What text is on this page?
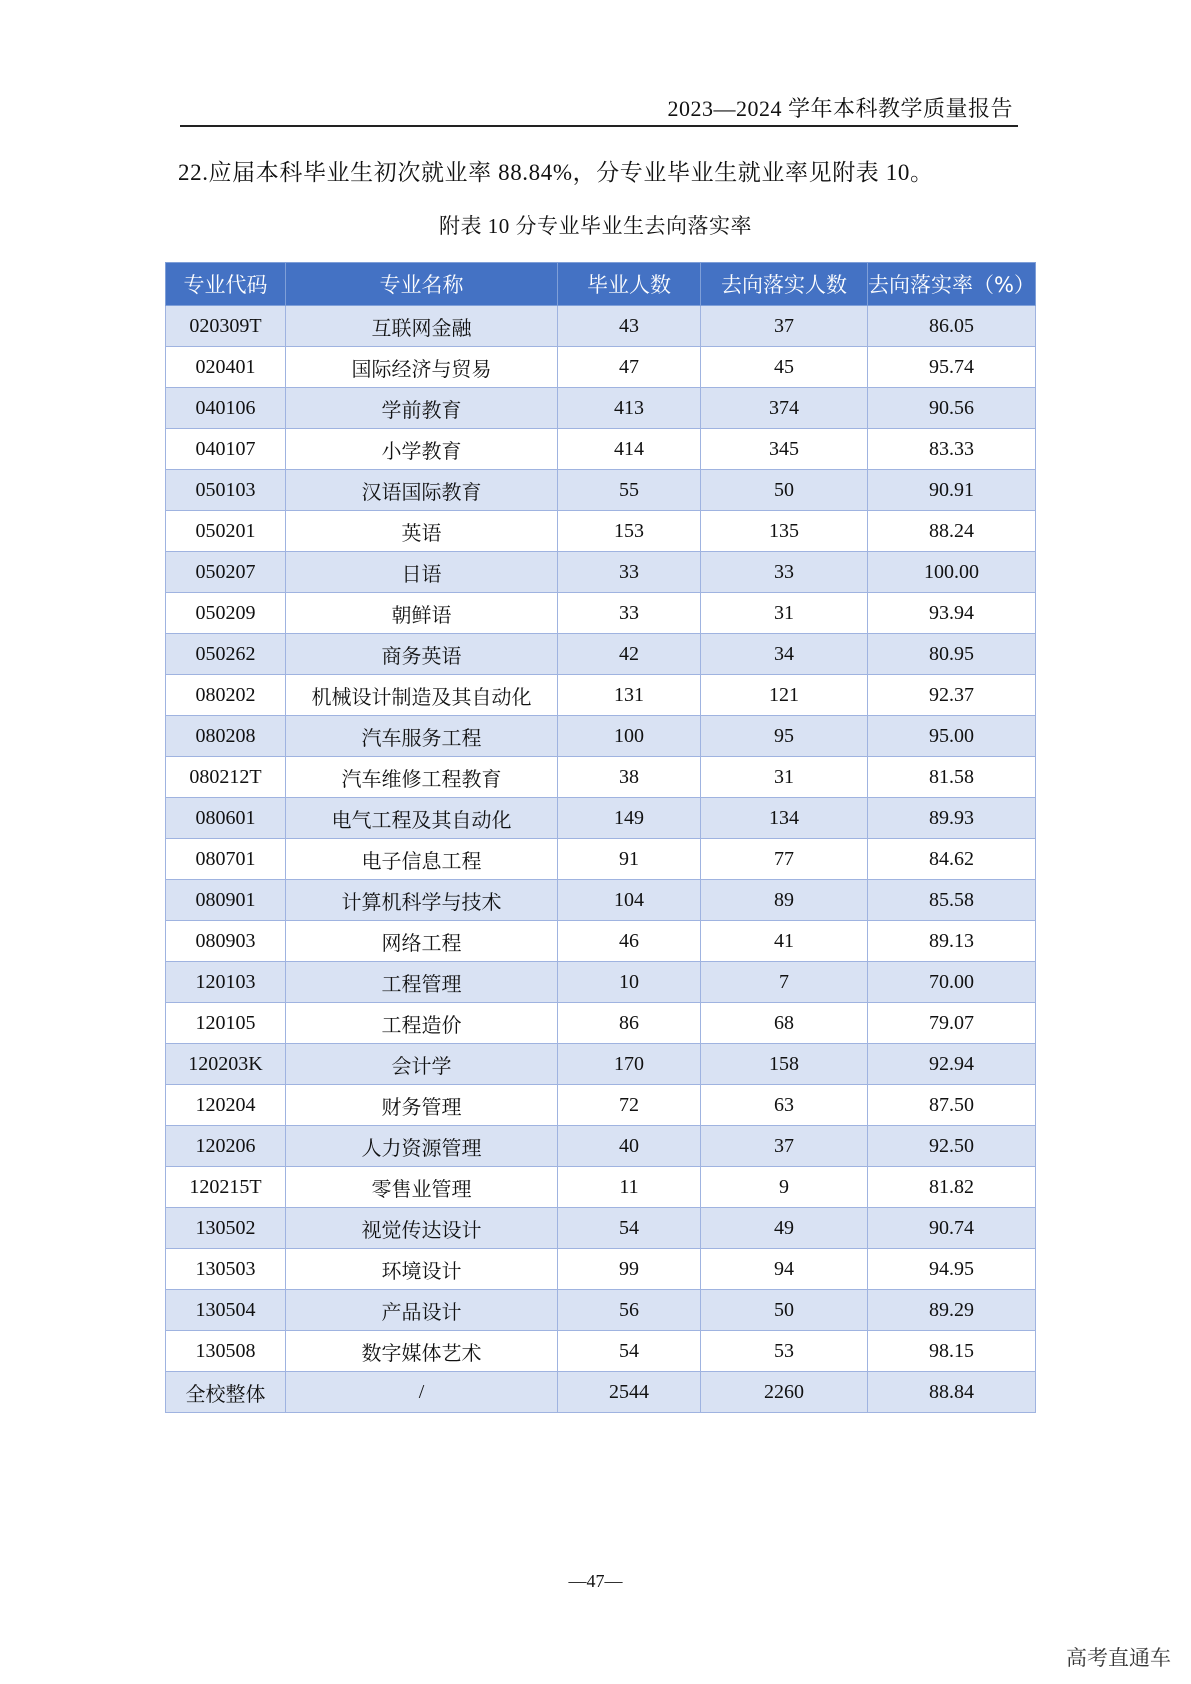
2023—2024 学年本科教学质量报告
22.应届本科毕业生初次就业率 88.84%，分专业毕业生就业率见附表 10。
附表 10 分专业毕业生去向落实率
专业代码	专业名称	毕业人数	去向落实人数	去向落实率（%）
020309T	互联网金融	43	37	86.05
020401	国际经济与贸易	47	45	95.74
040106	学前教育	413	374	90.56
040107	小学教育	414	345	83.33
050103	汉语国际教育	55	50	90.91
050201	英语	153	135	88.24
050207	日语	33	33	100.00
050209	朝鲜语	33	31	93.94
050262	商务英语	42	34	80.95
080202	机械设计制造及其自动化	131	121	92.37
080208	汽车服务工程	100	95	95.00
080212T	汽车维修工程教育	38	31	81.58
080601	电气工程及其自动化	149	134	89.93
080701	电子信息工程	91	77	84.62
080901	计算机科学与技术	104	89	85.58
080903	网络工程	46	41	89.13
120103	工程管理	10	7	70.00
120105	工程造价	86	68	79.07
120203K	会计学	170	158	92.94
120204	财务管理	72	63	87.50
120206	人力资源管理	40	37	92.50
120215T	零售业管理	11	9	81.82
130502	视觉传达设计	54	49	90.74
130503	环境设计	99	94	94.95
130504	产品设计	56	50	89.29
130508	数字媒体艺术	54	53	98.15
全校整体	/	2544	2260	88.84
—47—
高考直通车
